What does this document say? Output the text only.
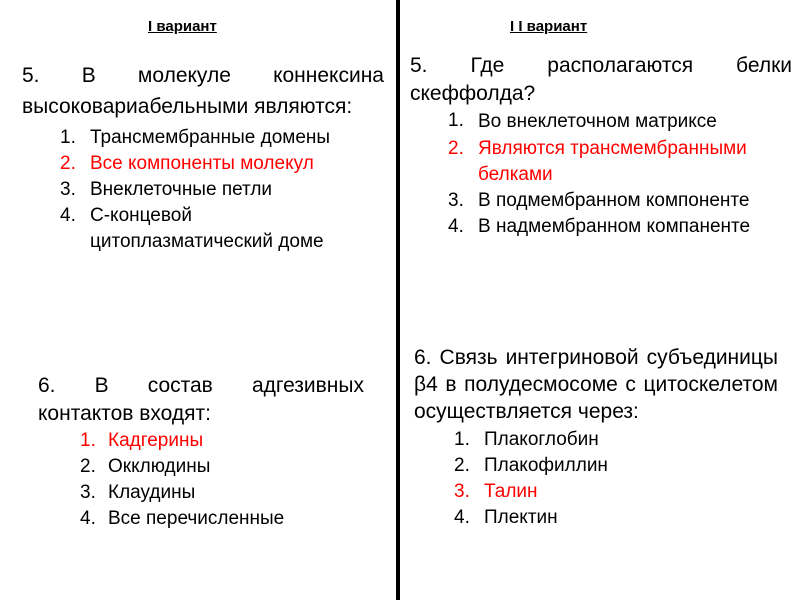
I вариант	I I вариант

5. В молекуле коннексина высоковариабельными являются:

1. Трансмембранные домены
2. Все компоненты молекул
3. Внеклеточные петли
4. С-концевой цитоплазматический доме

6. В состав адгезивных контактов входят:

1. Кадгерины
2. Окклюдины
3. Клаудины
4. Все перечисленные

5. Где располагаются белки скеффолда?

1. Во внеклеточном матриксе
2. Являются трансмембранными белками
3. В подмембранном компоненте
4. В надмембранном компаненте

6. Связь интегриновой субъединицы β4 в полудесмосоме с цитоскелетом осуществляется через:

1. Плакоглобин
2. Плакофиллин
3. Талин
4. Плектин
